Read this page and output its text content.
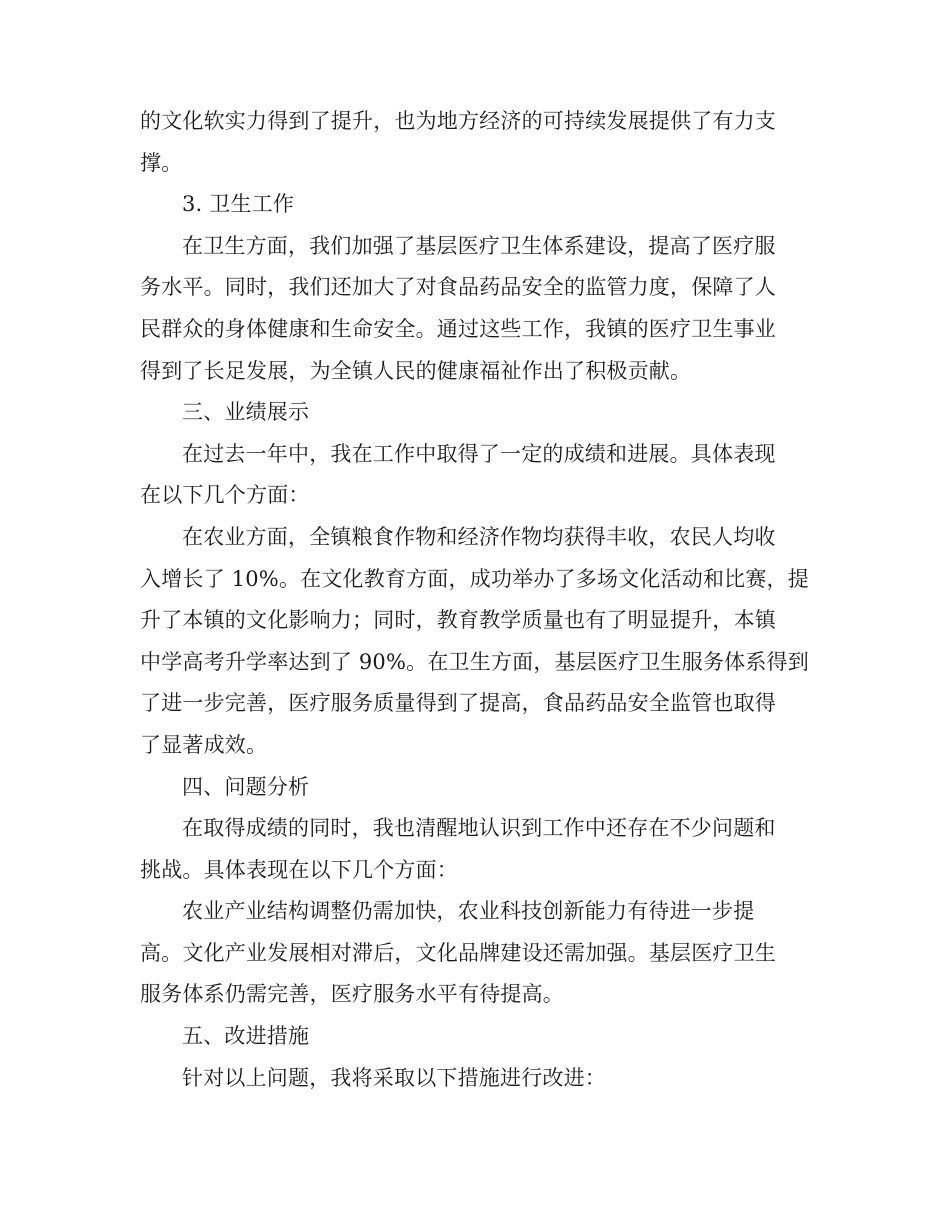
的文化软实力得到了提升，也为地方经济的可持续发展提供了有力支
撑。
3. 卫生工作
在卫生方面，我们加强了基层医疗卫生体系建设，提高了医疗服
务水平。同时，我们还加大了对食品药品安全的监管力度，保障了人
民群众的身体健康和生命安全。通过这些工作，我镇的医疗卫生事业
得到了长足发展，为全镇人民的健康福祉作出了积极贡献。
三、业绩展示
在过去一年中，我在工作中取得了一定的成绩和进展。具体表现
在以下几个方面：
在农业方面，全镇粮食作物和经济作物均获得丰收，农民人均收
入增长了 10%。在文化教育方面，成功举办了多场文化活动和比赛，提
升了本镇的文化影响力；同时，教育教学质量也有了明显提升，本镇
中学高考升学率达到了 90%。在卫生方面，基层医疗卫生服务体系得到
了进一步完善，医疗服务质量得到了提高，食品药品安全监管也取得
了显著成效。
四、问题分析
在取得成绩的同时，我也清醒地认识到工作中还存在不少问题和
挑战。具体表现在以下几个方面：
农业产业结构调整仍需加快，农业科技创新能力有待进一步提
高。文化产业发展相对滞后，文化品牌建设还需加强。基层医疗卫生
服务体系仍需完善，医疗服务水平有待提高。
五、改进措施
针对以上问题，我将采取以下措施进行改进：
